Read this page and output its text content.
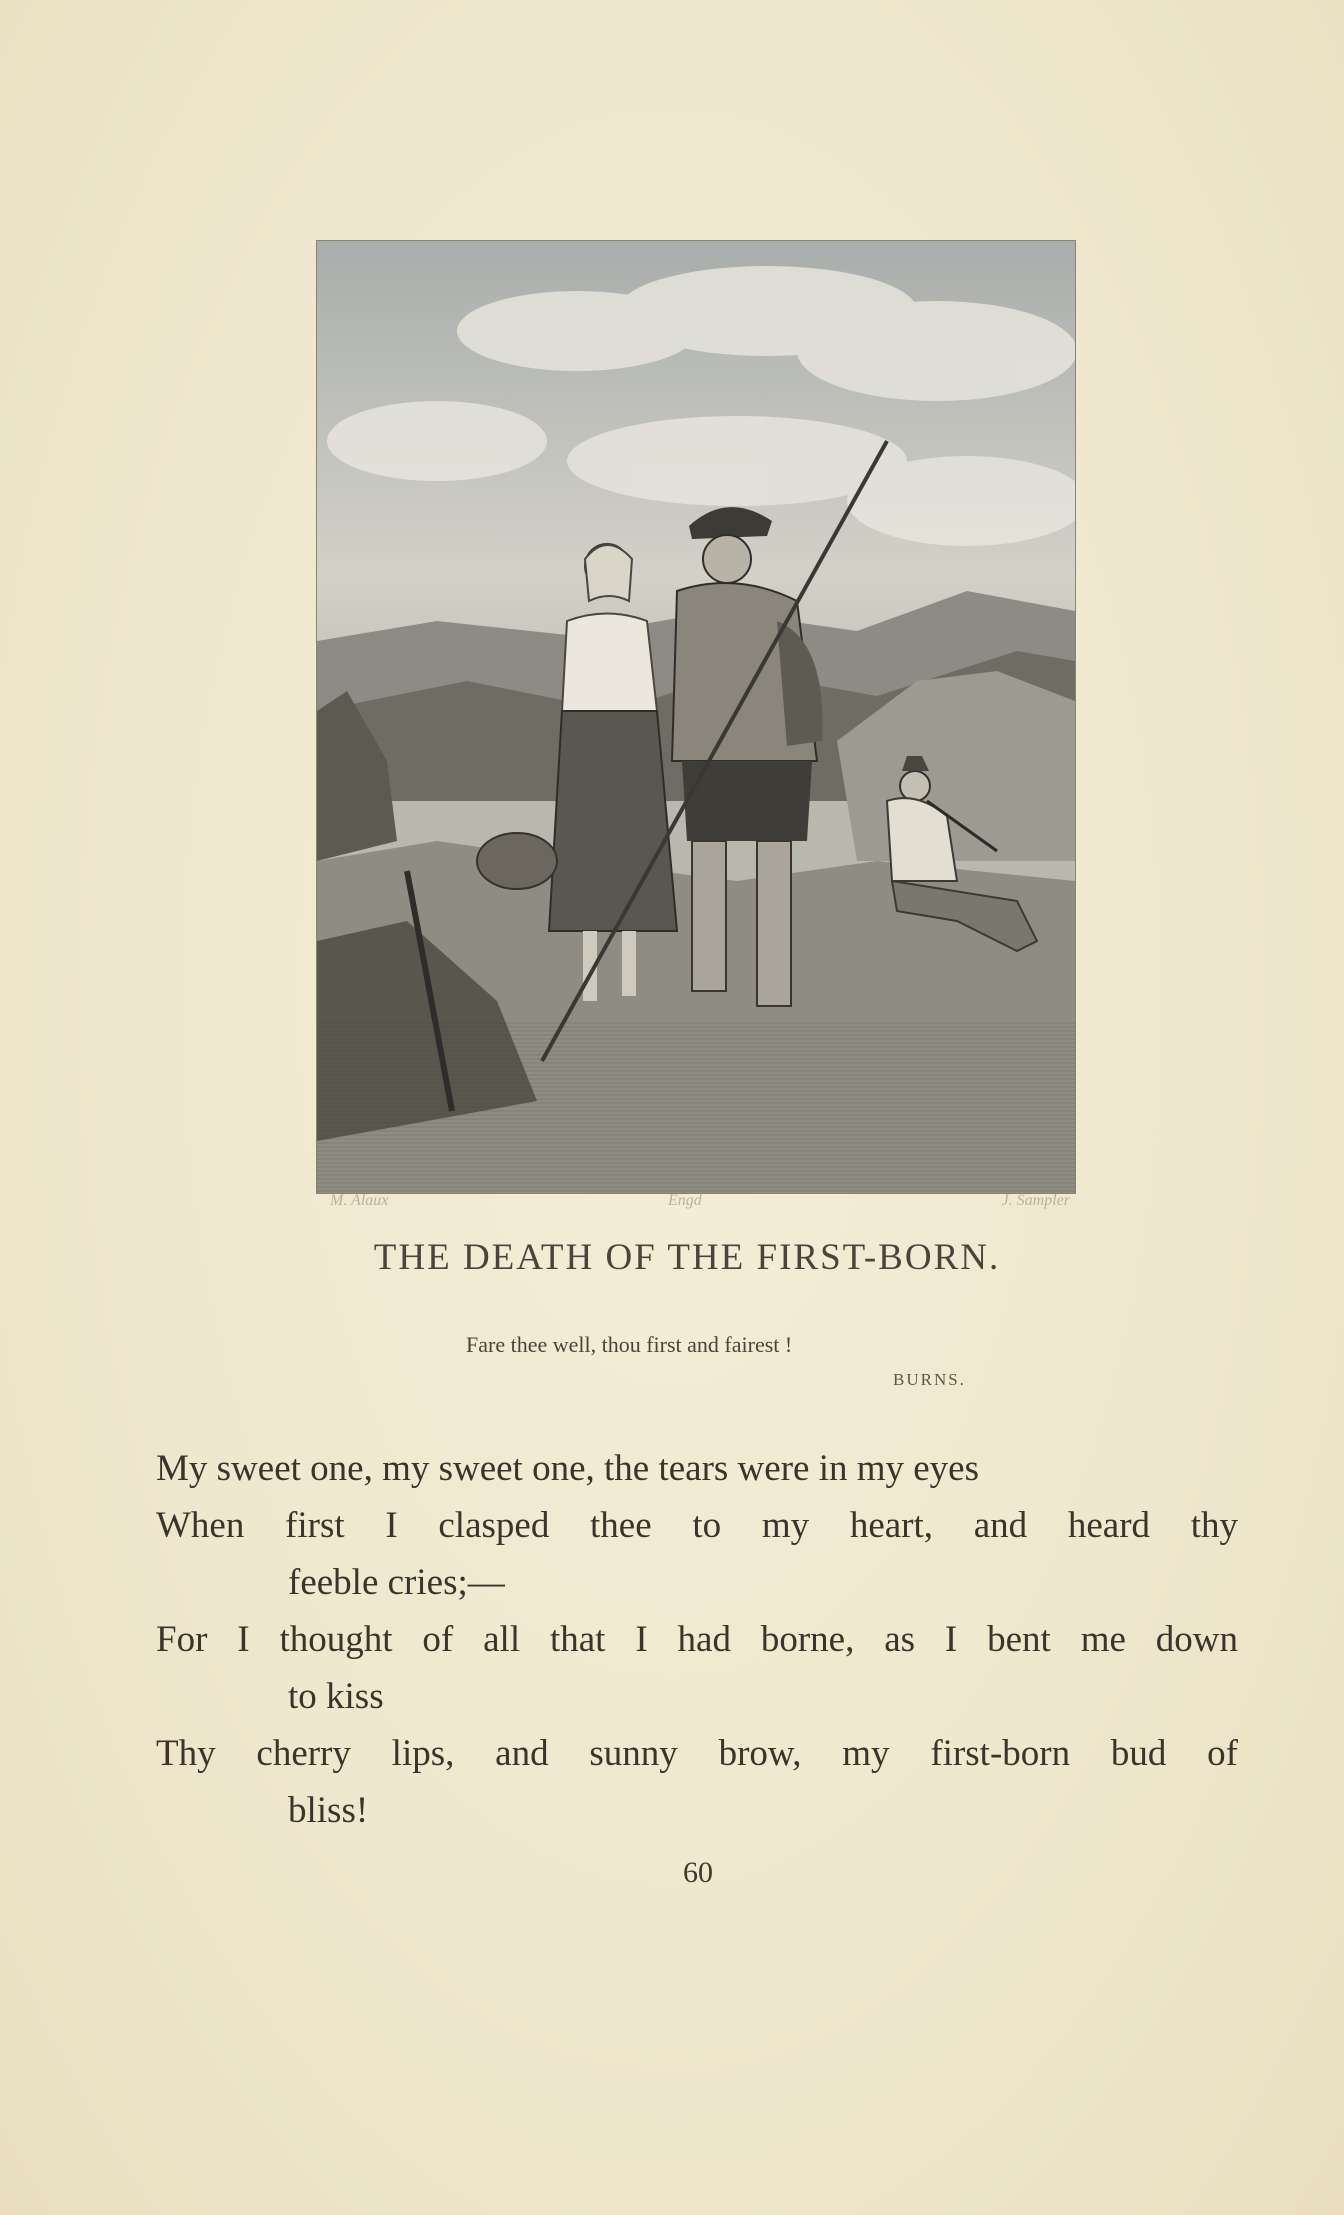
M. Alaux	Engd	J. Sampler
THE DEATH OF THE FIRST-BORN.
Fare thee well, thou first and fairest !
BURNS.
My sweet one, my sweet one, the tears were in my eyes
When first I clasped thee to my heart, and heard thy
feeble cries;—
For I thought of all that I had borne, as I bent me down
to kiss
Thy cherry lips, and sunny brow, my first-born bud of
bliss!
60
